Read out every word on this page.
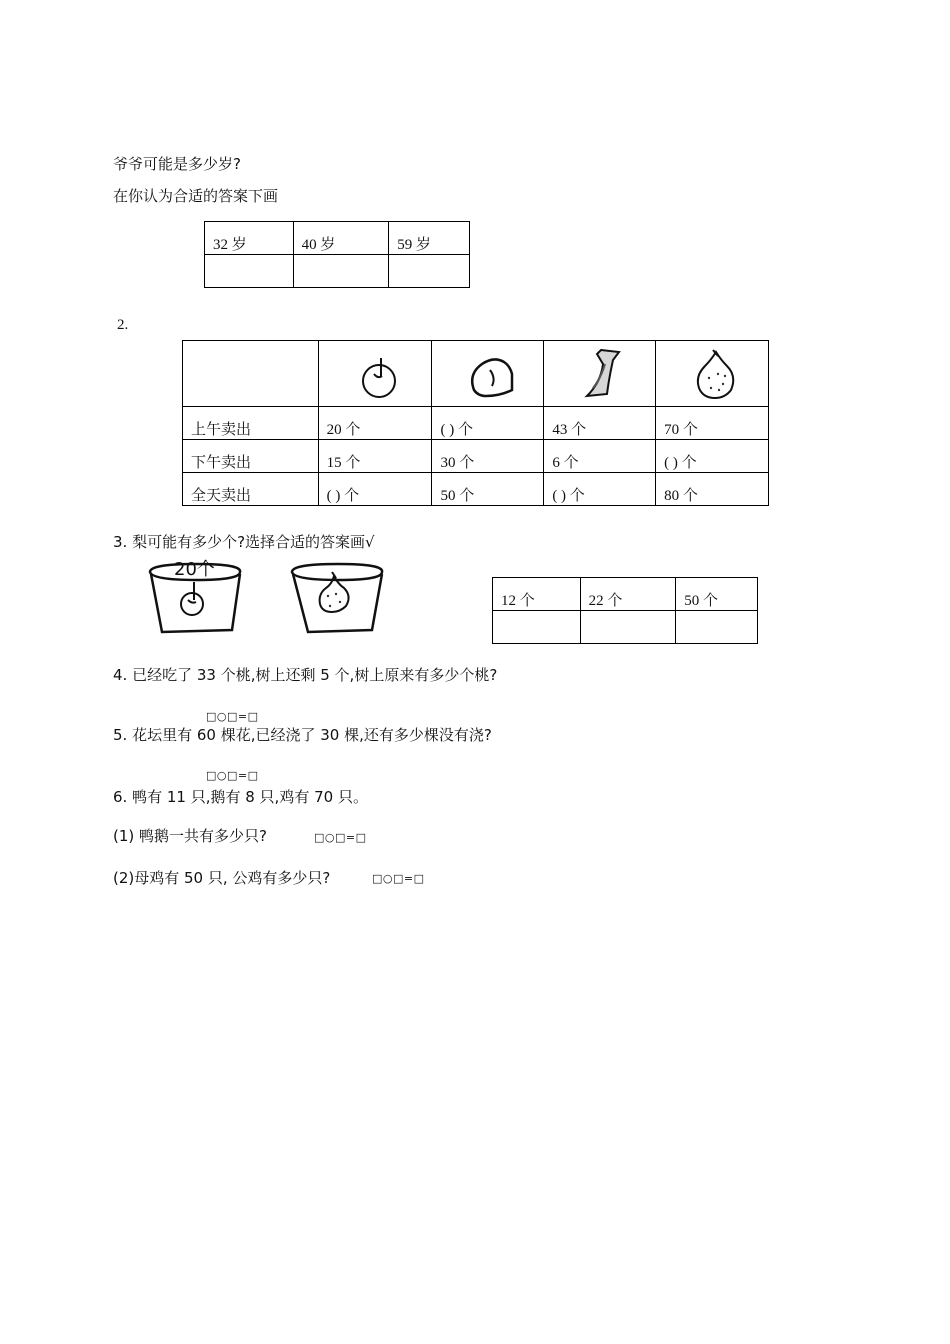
爷爷可能是多少岁?
在你认为合适的答案下画
32 岁	40 岁	59 岁

2.

上午卖出	20 个	( ) 个	43 个	70 个
下午卖出	15 个	30 个	6 个	( ) 个
全天卖出	( ) 个	50 个	( ) 个	80 个
3. 梨可能有多少个?选择合适的答案画√
20个
12 个	22 个	50 个

4. 已经吃了 33 个桃,树上还剩 5 个,树上原来有多少个桃?
□○□=□
5. 花坛里有 60 棵花,已经浇了 30 棵,还有多少棵没有浇?
□○□=□
6. 鸭有 11 只,鹅有 8 只,鸡有 70 只。
(1) 鸭鹅一共有多少只?	□○□=□
(2)母鸡有 50 只, 公鸡有多少只?	□○□=□
